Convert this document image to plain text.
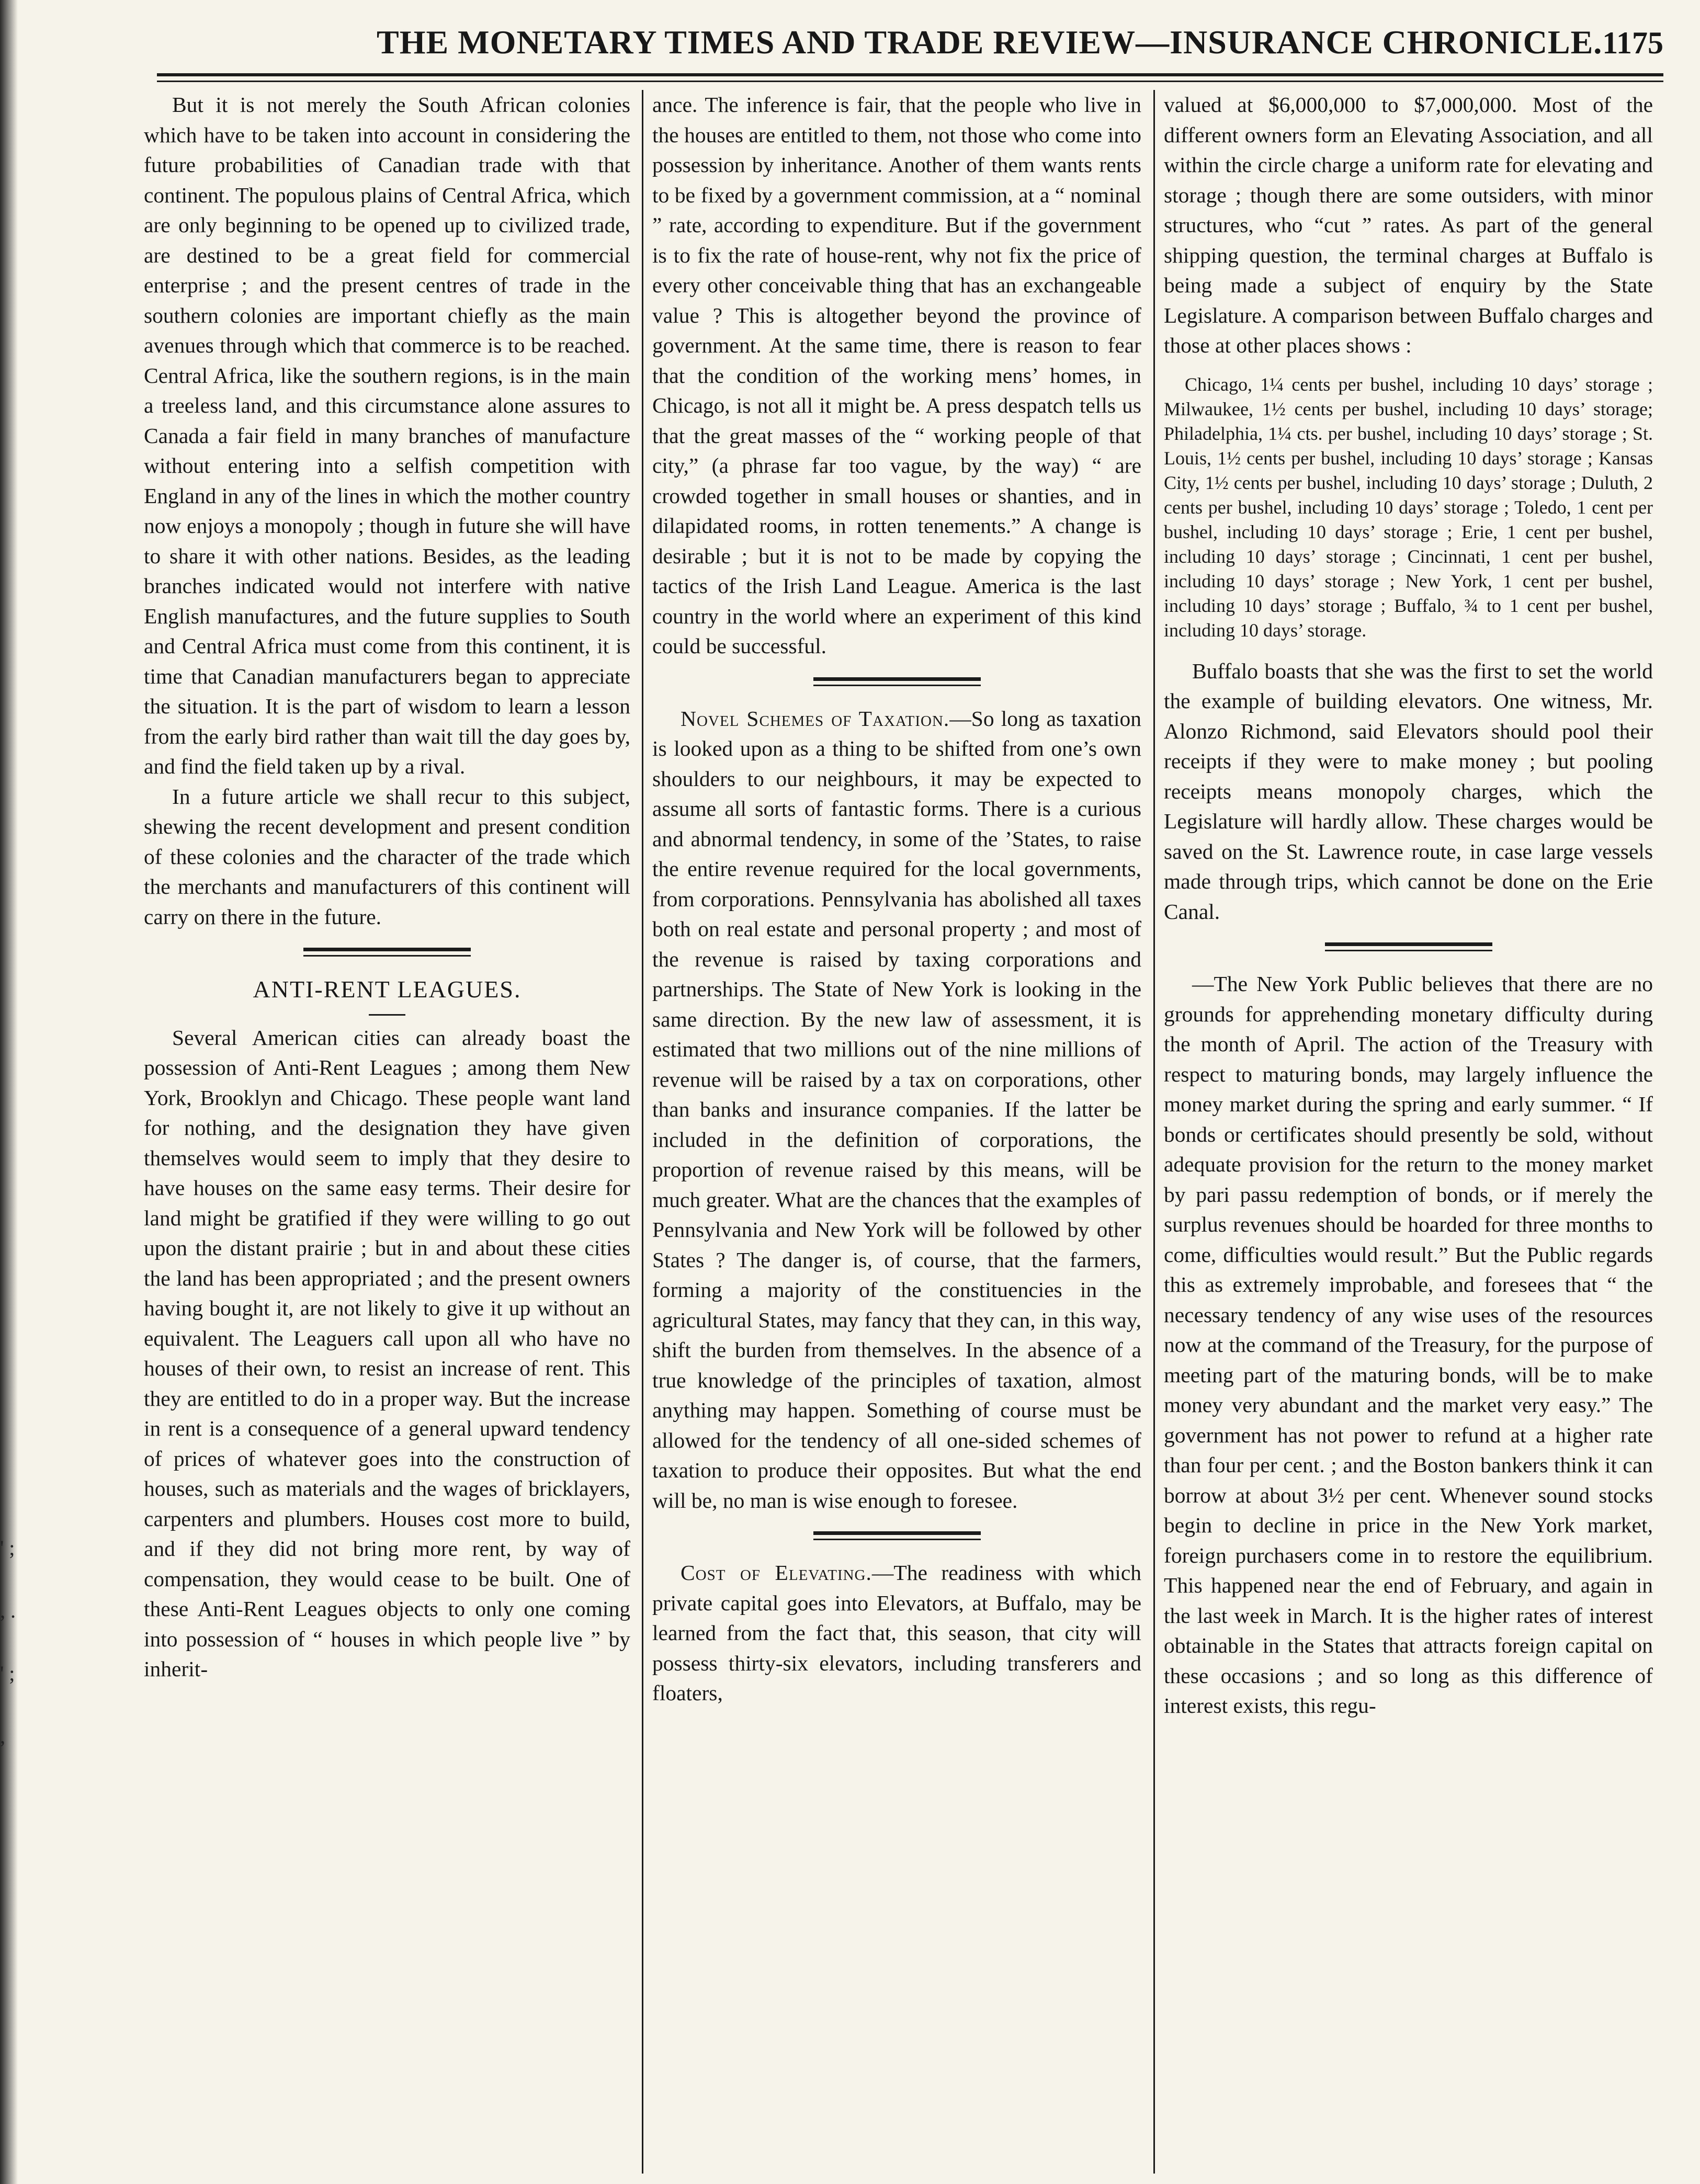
' ; , . ' ; ,
THE MONETARY TIMES AND TRADE REVIEW—INSURANCE CHRONICLE. 1175

But it is not merely the South African colonies which have to be taken into account in considering the future probabilities of Canadian trade with that continent. The populous plains of Central Africa, which are only beginning to be opened up to civilized trade, are destined to be a great field for commercial enterprise ; and the present centres of trade in the southern colonies are important chiefly as the main avenues through which that commerce is to be reached. Central Africa, like the southern regions, is in the main a treeless land, and this circumstance alone assures to Canada a fair field in many branches of manufacture without entering into a selfish competition with England in any of the lines in which the mother country now enjoys a monopoly ; though in future she will have to share it with other nations. Besides, as the leading branches indicated would not interfere with native English manufactures, and the future supplies to South and Central Africa must come from this continent, it is time that Canadian manufacturers began to appreciate the situation. It is the part of wisdom to learn a lesson from the early bird rather than wait till the day goes by, and find the field taken up by a rival.

In a future article we shall recur to this subject, shewing the recent development and present condition of these colonies and the character of the trade which the merchants and manufacturers of this continent will carry on there in the future.

ANTI-RENT LEAGUES.

Several American cities can already boast the possession of Anti-Rent Leagues ; among them New York, Brooklyn and Chicago. These people want land for nothing, and the designation they have given themselves would seem to imply that they desire to have houses on the same easy terms. Their desire for land might be gratified if they were willing to go out upon the distant prairie ; but in and about these cities the land has been appropriated ; and the present owners having bought it, are not likely to give it up without an equivalent. The Leaguers call upon all who have no houses of their own, to resist an increase of rent. This they are entitled to do in a proper way. But the increase in rent is a consequence of a general upward tendency of prices of whatever goes into the construction of houses, such as materials and the wages of bricklayers, carpenters and plumbers. Houses cost more to build, and if they did not bring more rent, by way of compensation, they would cease to be built. One of these Anti-Rent Leagues objects to only one coming into possession of “ houses in which people live ” by inherit-

ance. The inference is fair, that the people who live in the houses are entitled to them, not those who come into possession by inheritance. Another of them wants rents to be fixed by a government commission, at a “ nominal ” rate, according to expenditure. But if the government is to fix the rate of house-rent, why not fix the price of every other conceivable thing that has an exchangeable value ? This is altogether beyond the province of government. At the same time, there is reason to fear that the condition of the working mens’ homes, in Chicago, is not all it might be. A press despatch tells us that the great masses of the “ working people of that city,” (a phrase far too vague, by the way) “ are crowded together in small houses or shanties, and in dilapidated rooms, in rotten tenements.” A change is desirable ; but it is not to be made by copying the tactics of the Irish Land League. America is the last country in the world where an experiment of this kind could be successful.

Novel Schemes of Taxation.—So long as taxation is looked upon as a thing to be shifted from one’s own shoulders to our neighbours, it may be expected to assume all sorts of fantastic forms. There is a curious and abnormal tendency, in some of the ’States, to raise the entire revenue required for the local governments, from corporations. Pennsylvania has abolished all taxes both on real estate and personal property ; and most of the revenue is raised by taxing corporations and partnerships. The State of New York is looking in the same direction. By the new law of assessment, it is estimated that two millions out of the nine millions of revenue will be raised by a tax on corporations, other than banks and insurance companies. If the latter be included in the definition of corporations, the proportion of revenue raised by this means, will be much greater. What are the chances that the examples of Pennsylvania and New York will be followed by other States ? The danger is, of course, that the farmers, forming a majority of the constituencies in the agricultural States, may fancy that they can, in this way, shift the burden from themselves. In the absence of a true knowledge of the principles of taxation, almost anything may happen. Something of course must be allowed for the tendency of all one-sided schemes of taxation to produce their opposites. But what the end will be, no man is wise enough to foresee.

Cost of Elevating.—The readiness with which private capital goes into Elevators, at Buffalo, may be learned from the fact that, this season, that city will possess thirty-six elevators, including transferers and floaters,

valued at $6,000,000 to $7,000,000. Most of the different owners form an Elevating Association, and all within the circle charge a uniform rate for elevating and storage ; though there are some outsiders, with minor structures, who “cut ” rates. As part of the general shipping question, the terminal charges at Buffalo is being made a subject of enquiry by the State Legislature. A comparison between Buffalo charges and those at other places shows :

Chicago, 1¼ cents per bushel, including 10 days’ storage ; Milwaukee, 1½ cents per bushel, including 10 days’ storage; Philadelphia, 1¼ cts. per bushel, including 10 days’ storage ; St. Louis, 1½ cents per bushel, including 10 days’ storage ; Kansas City, 1½ cents per bushel, including 10 days’ storage ; Duluth, 2 cents per bushel, including 10 days’ storage ; Toledo, 1 cent per bushel, including 10 days’ storage ; Erie, 1 cent per bushel, including 10 days’ storage ; Cincinnati, 1 cent per bushel, including 10 days’ storage ; New York, 1 cent per bushel, including 10 days’ storage ; Buffalo, ¾ to 1 cent per bushel, including 10 days’ storage.

Buffalo boasts that she was the first to set the world the example of building elevators. One witness, Mr. Alonzo Richmond, said Elevators should pool their receipts if they were to make money ; but pooling receipts means monopoly charges, which the Legislature will hardly allow. These charges would be saved on the St. Lawrence route, in case large vessels made through trips, which cannot be done on the Erie Canal.

—The New York Public believes that there are no grounds for apprehending monetary difficulty during the month of April. The action of the Treasury with respect to maturing bonds, may largely influence the money market during the spring and early summer. “ If bonds or certificates should presently be sold, without adequate provision for the return to the money market by pari passu redemption of bonds, or if merely the surplus revenues should be hoarded for three months to come, difficulties would result.” But the Public regards this as extremely improbable, and foresees that “ the necessary tendency of any wise uses of the resources now at the command of the Treasury, for the purpose of meeting part of the maturing bonds, will be to make money very abundant and the market very easy.” The government has not power to refund at a higher rate than four per cent. ; and the Boston bankers think it can borrow at about 3½ per cent. Whenever sound stocks begin to decline in price in the New York market, foreign purchasers come in to restore the equilibrium. This happened near the end of February, and again in the last week in March. It is the higher rates of interest obtainable in the States that attracts foreign capital on these occasions ; and so long as this difference of interest exists, this regu-
